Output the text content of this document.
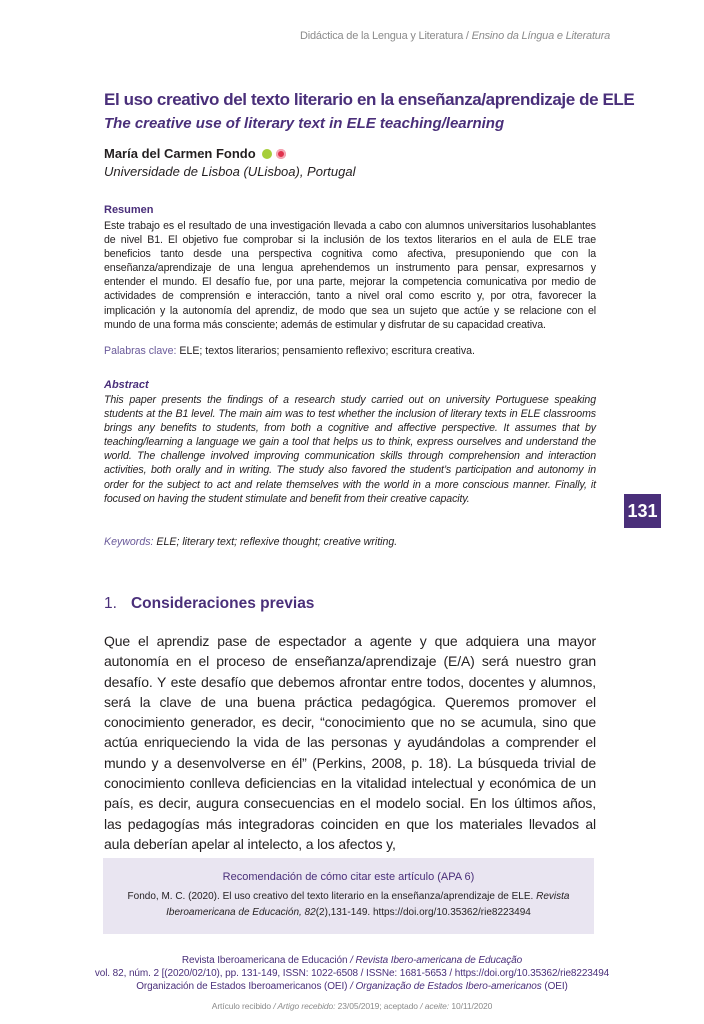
Didáctica de la Lengua y Literatura / Ensino da Língua e Literatura
El uso creativo del texto literario en la enseñanza/aprendizaje de ELE
The creative use of literary text in ELE teaching/learning
María del Carmen Fondo
Universidade de Lisboa (ULisboa), Portugal
Resumen
Este trabajo es el resultado de una investigación llevada a cabo con alumnos universitarios lusohablantes de nivel B1. El objetivo fue comprobar si la inclusión de los textos literarios en el aula de ELE trae beneficios tanto desde una perspectiva cognitiva como afectiva, presuponiendo que con la enseñanza/aprendizaje de una lengua aprehendemos un instrumento para pensar, expresarnos y entender el mundo. El desafío fue, por una parte, mejorar la competencia comunicativa por medio de actividades de comprensión e interacción, tanto a nivel oral como escrito y, por otra, favorecer la implicación y la autonomía del aprendiz, de modo que sea un sujeto que actúe y se relacione con el mundo de una forma más consciente; además de estimular y disfrutar de su capacidad creativa.
Palabras clave: ELE; textos literarios; pensamiento reflexivo; escritura creativa.
Abstract
This paper presents the findings of a research study carried out on university Portuguese speaking students at the B1 level. The main aim was to test whether the inclusion of literary texts in ELE classrooms brings any benefits to students, from both a cognitive and affective perspective. It assumes that by teaching/learning a language we gain a tool that helps us to think, express ourselves and understand the world. The challenge involved improving communication skills through comprehension and interaction activities, both orally and in writing. The study also favored the student’s participation and autonomy in order for the subject to act and relate themselves with the world in a more conscious manner. Finally, it focused on having the student stimulate and benefit from their creative capacity.
Keywords: ELE; literary text; reflexive thought; creative writing.
131
1. Consideraciones previas
Que el aprendiz pase de espectador a agente y que adquiera una mayor autonomía en el proceso de enseñanza/aprendizaje (E/A) será nuestro gran desafío. Y este desafío que debemos afrontar entre todos, docentes y alumnos, será la clave de una buena práctica pedagógica. Queremos promover el conocimiento generador, es decir, “conocimiento que no se acumula, sino que actúa enriqueciendo la vida de las personas y ayudándolas a comprender el mundo y a desenvolverse en él” (Perkins, 2008, p. 18). La búsqueda trivial de conocimiento conlleva deficiencias en la vitalidad intelectual y económica de un país, es decir, augura consecuencias en el modelo social. En los últimos años, las pedagogías más integradoras coinciden en que los materiales llevados al aula deberían apelar al intelecto, a los afectos y,
Recomendación de cómo citar este artículo (APA 6)
Fondo, M. C. (2020). El uso creativo del texto literario en la enseñanza/aprendizaje de ELE. Revista Iberoamericana de Educación, 82(2),131-149. https://doi.org/10.35362/rie8223494
Revista Iberoamericana de Educación / Revista Ibero-americana de Educação
vol. 82, núm. 2 [(2020/02/10), pp. 131-149, ISSN: 1022-6508 / ISSNe: 1681-5653 / https://doi.org/10.35362/rie8223494
Organización de Estados Iberoamericanos (OEI) / Organização de Estados Ibero-americanos (OEI)
Artículo recibido / Artigo recebido: 23/05/2019; aceptado / aceite: 10/11/2020
